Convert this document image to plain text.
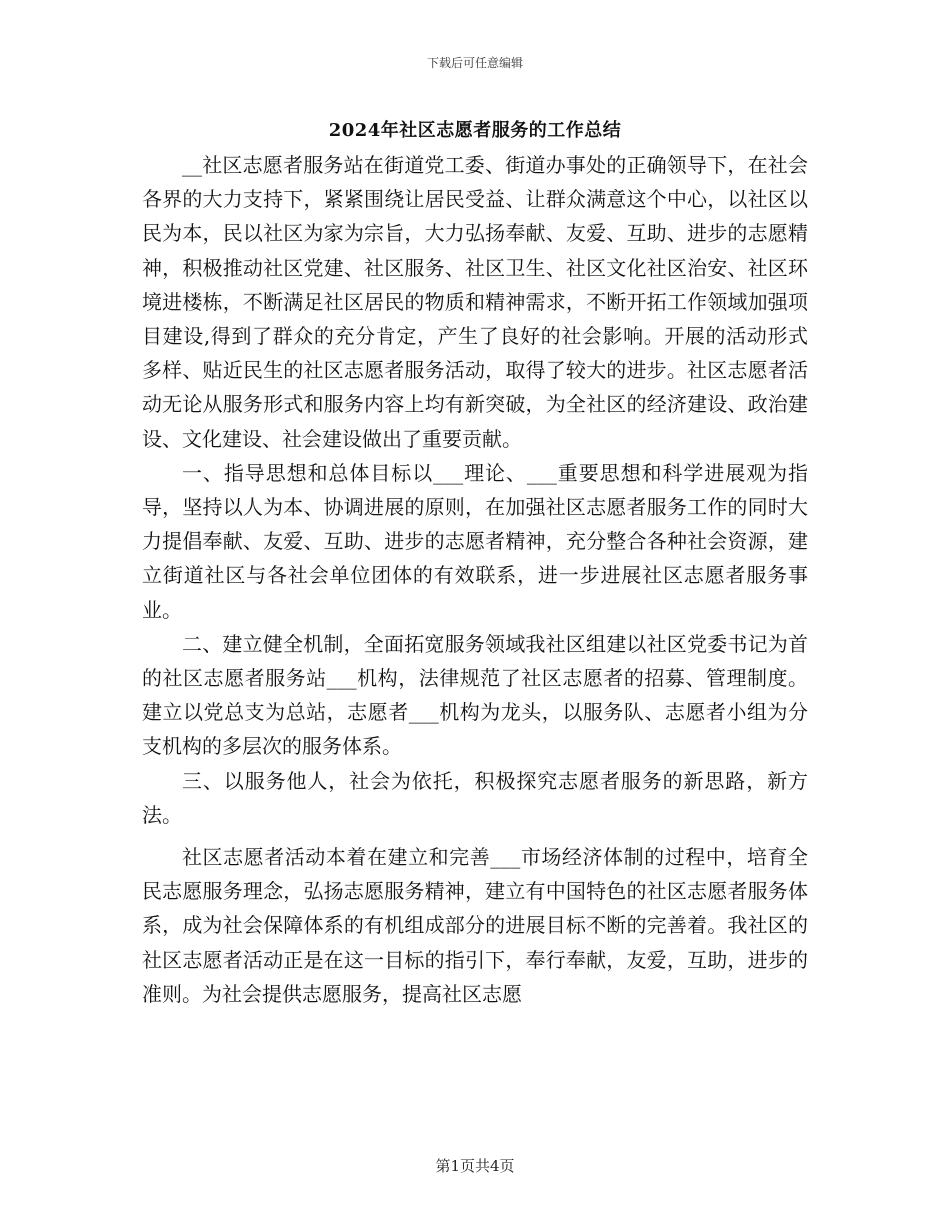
下载后可任意编辑
2024年社区志愿者服务的工作总结

__社区志愿者服务站在街道党工委、街道办事处的正确领导下，在社会各界的大力支持下，紧紧围绕让居民受益、让群众满意这个中心，以社区以民为本，民以社区为家为宗旨，大力弘扬奉献、友爱、互助、进步的志愿精神，积极推动社区党建、社区服务、社区卫生、社区文化社区治安、社区环境进楼栋，不断满足社区居民的物质和精神需求，不断开拓工作领域加强项目建设,得到了群众的充分肯定，产生了良好的社会影响。开展的活动形式多样、贴近民生的社区志愿者服务活动，取得了较大的进步。社区志愿者活动无论从服务形式和服务内容上均有新突破，为全社区的经济建设、政治建设、文化建设、社会建设做出了重要贡献。

一、指导思想和总体目标以___理论、___重要思想和科学进展观为指导，坚持以人为本、协调进展的原则，在加强社区志愿者服务工作的同时大力提倡奉献、友爱、互助、进步的志愿者精神，充分整合各种社会资源，建立街道社区与各社会单位团体的有效联系，进一步进展社区志愿者服务事业。

二、建立健全机制，全面拓宽服务领域我社区组建以社区党委书记为首的社区志愿者服务站___机构，法律规范了社区志愿者的招募、管理制度。建立以党总支为总站，志愿者___机构为龙头，以服务队、志愿者小组为分支机构的多层次的服务体系。

三、以服务他人，社会为依托，积极探究志愿者服务的新思路，新方法。

社区志愿者活动本着在建立和完善___市场经济体制的过程中，培育全民志愿服务理念，弘扬志愿服务精神，建立有中国特色的社区志愿者服务体系，成为社会保障体系的有机组成部分的进展目标不断的完善着。我社区的社区志愿者活动正是在这一目标的指引下，奉行奉献，友爱，互助，进步的准则。为社会提供志愿服务，提高社区志愿

第1页共4页
